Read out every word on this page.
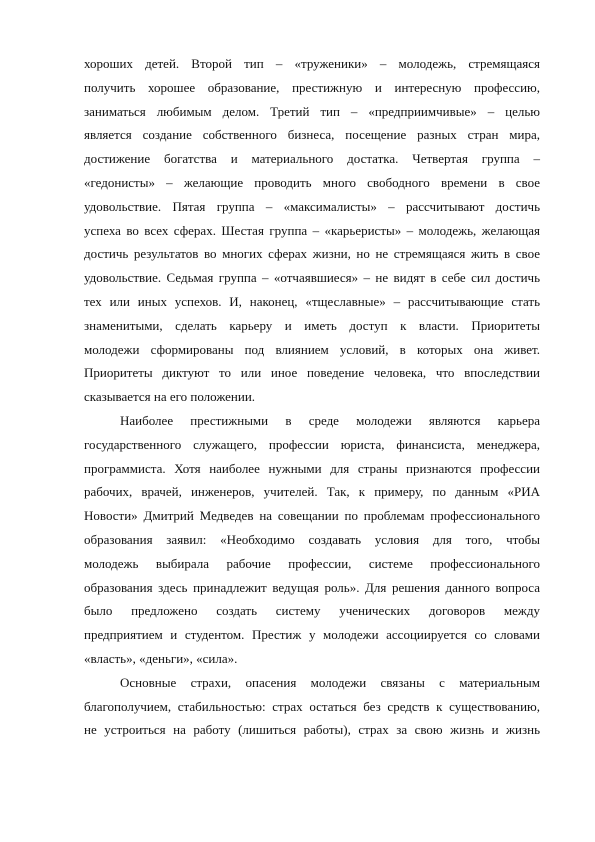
хороших детей. Второй тип – «труженики» – молодежь, стремящаяся
получить хорошее образование, престижную и интересную профессию,
заниматься любимым делом. Третий тип – «предприимчивые» – целью
является создание собственного бизнеса, посещение разных стран мира,
достижение богатства и материального достатка. Четвертая группа –
«гедонисты» – желающие проводить много свободного времени в свое
удовольствие. Пятая группа – «максималисты» – рассчитывают достичь
успеха во всех сферах. Шестая группа – «карьеристы» – молодежь, желающая
достичь результатов во многих сферах жизни, но не стремящаяся жить в свое
удовольствие. Седьмая группа – «отчаявшиеся» – не видят в себе сил достичь
тех или иных успехов. И, наконец, «тщеславные» – рассчитывающие стать
знаменитыми, сделать карьеру и иметь доступ к власти. Приоритеты
молодежи сформированы под влиянием условий, в которых она живет.
Приоритеты диктуют то или иное поведение человека, что впоследствии
сказывается на его положении.
Наиболее престижными в среде молодежи являются карьера
государственного служащего, профессии юриста, финансиста, менеджера,
программиста. Хотя наиболее нужными для страны признаются профессии
рабочих, врачей, инженеров, учителей. Так, к примеру, по данным «РИА
Новости» Дмитрий Медведев на совещании по проблемам профессионального
образования заявил: «Необходимо создавать условия для того, чтобы
молодежь выбирала рабочие профессии, системе профессионального
образования здесь принадлежит ведущая роль». Для решения данного вопроса
было предложено создать систему ученических договоров между
предприятием и студентом. Престиж у молодежи ассоциируется со словами
«власть», «деньги», «сила».
Основные страхи, опасения молодежи связаны с материальным
благополучием, стабильностью: страх остаться без средств к существованию,
не устроиться на работу (лишиться работы), страх за свою жизнь и жизнь
